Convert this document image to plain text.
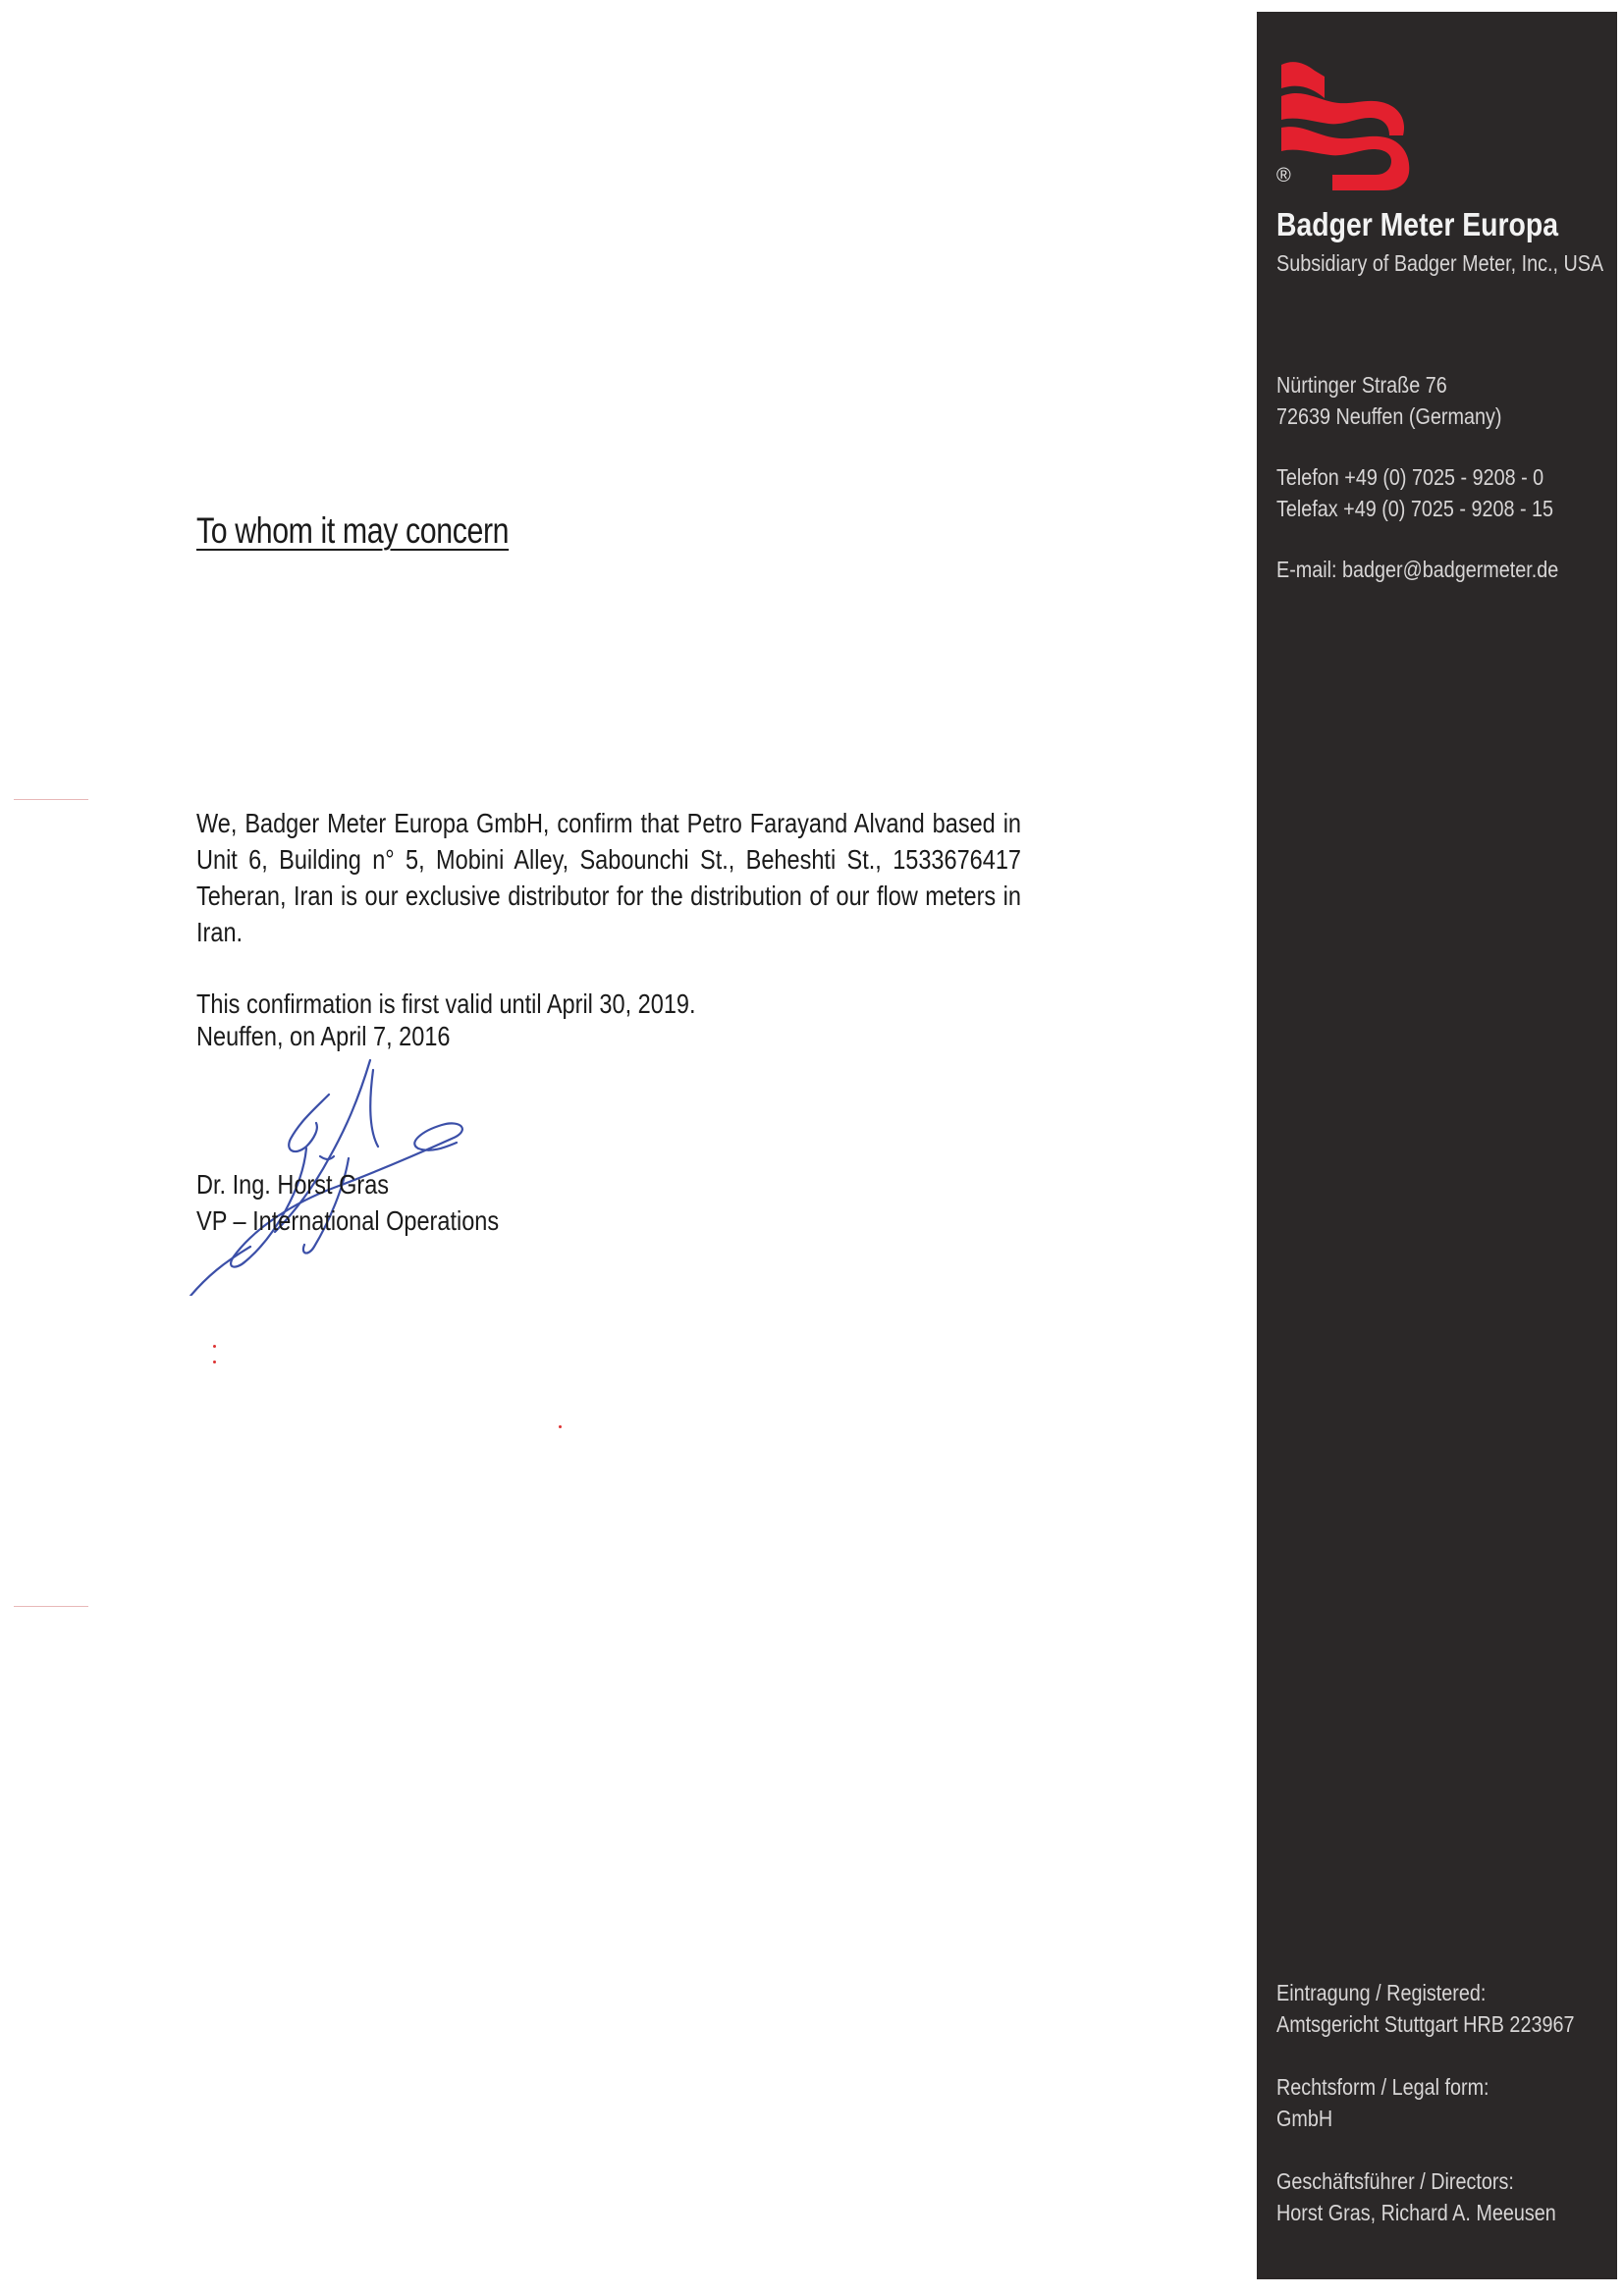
To whom it may concern

We, Badger Meter Europa GmbH, confirm that Petro Farayand Alvand based in Unit 6, Building n° 5, Mobini Alley, Sabounchi St., Beheshti St., 1533676417 Teheran, Iran is our exclusive distributor for the distribution of our flow meters in Iran.

This confirmation is first valid until April 30, 2019.

Neuffen, on April 7, 2016
Dr. Ing. Horst Gras
VP – International Operations
®
Badger Meter Europa
Subsidiary of Badger Meter, Inc., USA
Nürtinger Straße 76
72639 Neuffen (Germany)
Telefon +49 (0) 7025 - 9208 - 0
Telefax +49 (0) 7025 - 9208 - 15
E-mail: badger@badgermeter.de
Eintragung / Registered:
Amtsgericht Stuttgart HRB 223967
Rechtsform / Legal form:
GmbH
Geschäftsführer / Directors:
Horst Gras, Richard A. Meeusen
